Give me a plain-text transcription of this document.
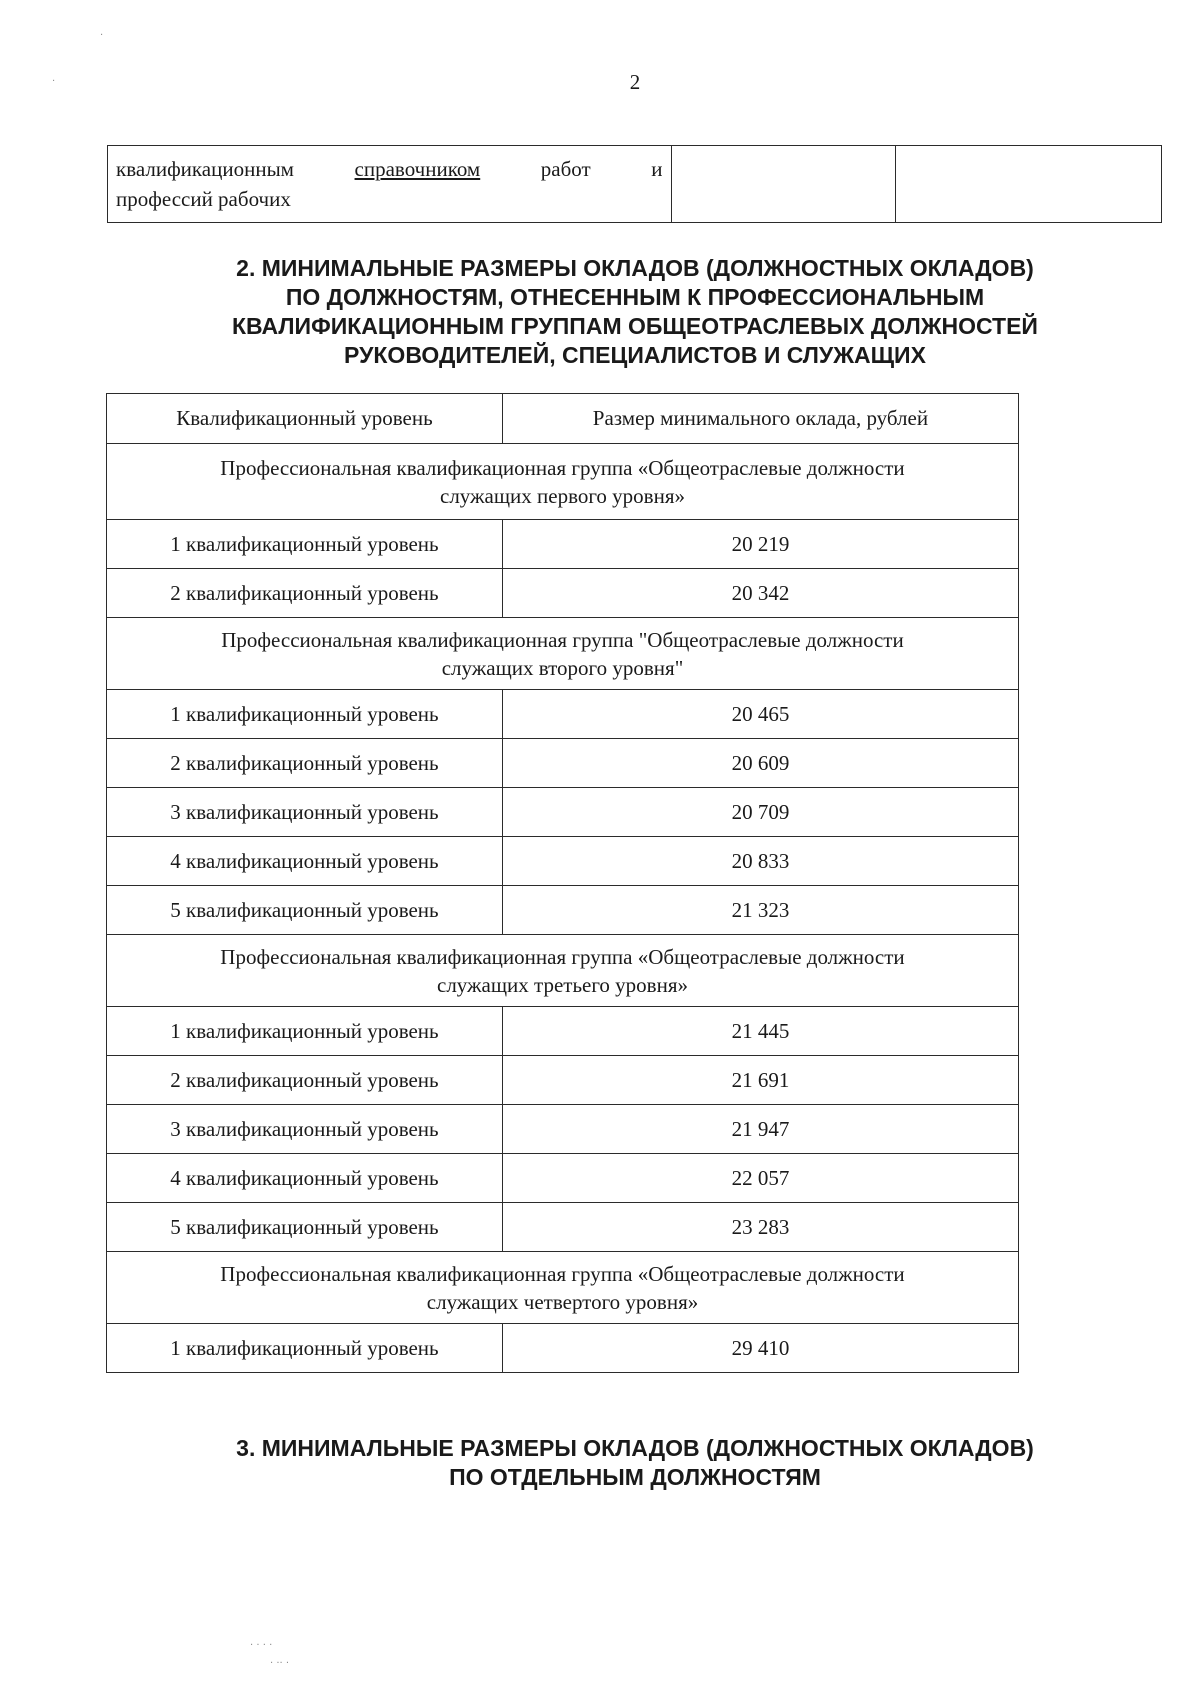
2
квалификационным	справочником	работ	и
профессий рабочих

2. МИНИМАЛЬНЫЕ РАЗМЕРЫ ОКЛАДОВ (ДОЛЖНОСТНЫХ ОКЛАДОВ)
ПО ДОЛЖНОСТЯМ, ОТНЕСЕННЫМ К ПРОФЕССИОНАЛЬНЫМ
КВАЛИФИКАЦИОННЫМ ГРУППАМ ОБЩЕОТРАСЛЕВЫХ ДОЛЖНОСТЕЙ
РУКОВОДИТЕЛЕЙ, СПЕЦИАЛИСТОВ И СЛУЖАЩИХ
Квалификационный уровень	Размер минимального оклада, рублей

Профессиональная квалификационная группа «Общеотраслевые должности
служащих первого уровня»	

1 квалификационный уровень	20 219
2 квалификационный уровень	20 342

Профессиональная квалификационная группа "Общеотраслевые должности
служащих второго уровня"	

1 квалификационный уровень	20 465
2 квалификационный уровень	20 609
3 квалификационный уровень	20 709
4 квалификационный уровень	20 833
5 квалификационный уровень	21 323

Профессиональная квалификационная группа «Общеотраслевые должности
служащих третьего уровня»	

1 квалификационный уровень	21 445
2 квалификационный уровень	21 691
3 квалификационный уровень	21 947
4 квалификационный уровень	22 057
5 квалификационный уровень	23 283

Профессиональная квалификационная группа «Общеотраслевые должности
служащих четвертого уровня»	

1 квалификационный уровень	29 410
3. МИНИМАЛЬНЫЕ РАЗМЕРЫ ОКЛАДОВ (ДОЛЖНОСТНЫХ ОКЛАДОВ)
ПО ОТДЕЛЬНЫМ ДОЛЖНОСТЯМ
·
·
· · · ·
· ·· ·
